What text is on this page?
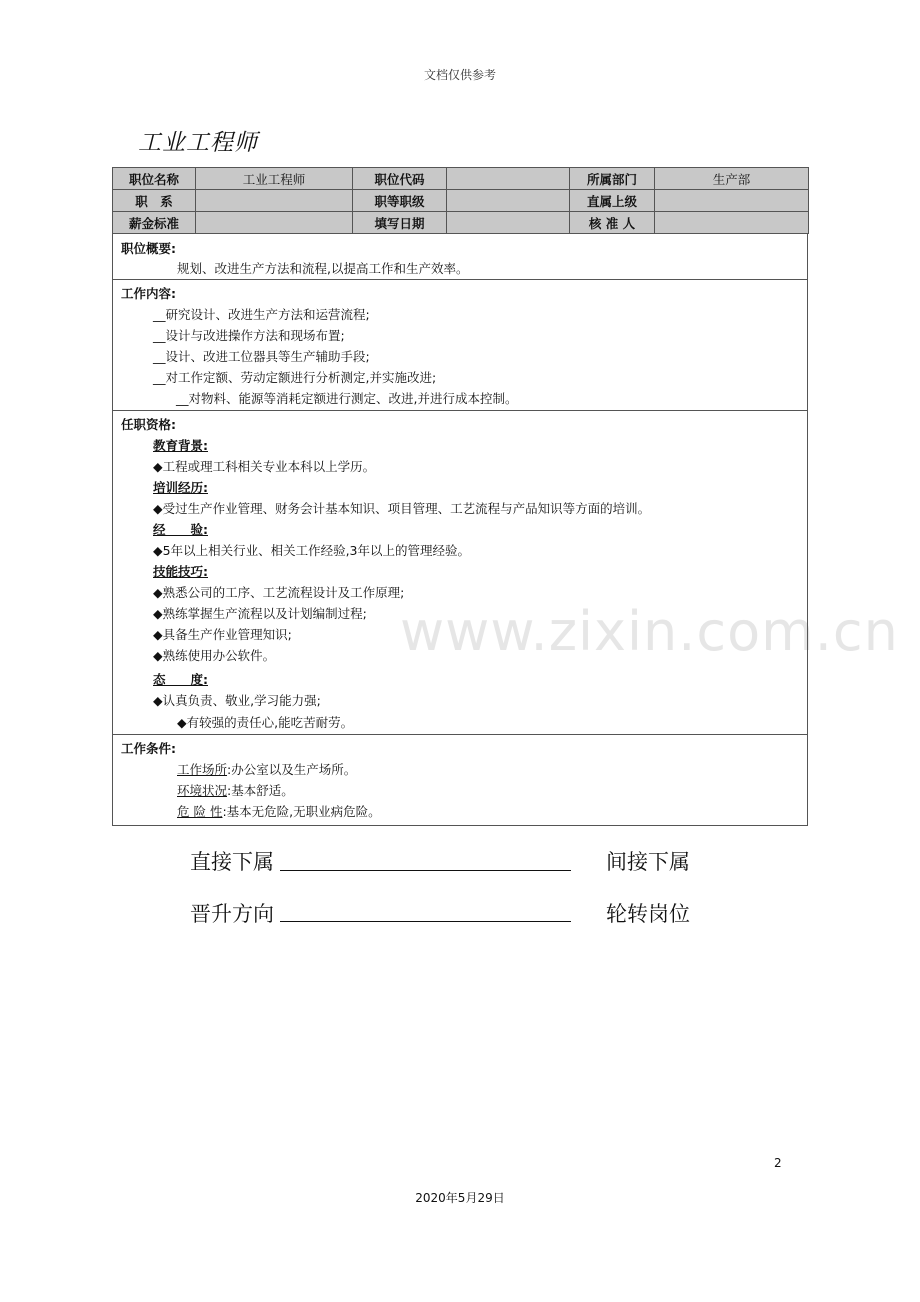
文档仅供参考
工业工程师
www.zixin.com.cn
职位名称	工业工程师	职位代码		所属部门	生产部
职　系		职等职级		直属上级	
薪金标准		填写日期		核 准 人	
职位概要:
规划、改进生产方法和流程,以提高工作和生产效率。
工作内容:
__研究设计、改进生产方法和运营流程;
__设计与改进操作方法和现场布置;
__设计、改进工位器具等生产辅助手段;
__对工作定额、劳动定额进行分析测定,并实施改进;
__对物料、能源等消耗定额进行测定、改进,并进行成本控制。
任职资格:
教育背景:
◆工程或理工科相关专业本科以上学历。
培训经历:
◆受过生产作业管理、财务会计基本知识、项目管理、工艺流程与产品知识等方面的培训。
经　　验:
◆5年以上相关行业、相关工作经验,3年以上的管理经验。
技能技巧:
◆熟悉公司的工序、工艺流程设计及工作原理;
◆熟练掌握生产流程以及计划编制过程;
◆具备生产作业管理知识;
◆熟练使用办公软件。
态　　度:
◆认真负责、敬业,学习能力强;
◆有较强的责任心,能吃苦耐劳。
工作条件:
工作场所:办公室以及生产场所。
环境状况:基本舒适。
危 险 性:基本无危险,无职业病危险。
直接下属	间接下属
晋升方向	轮转岗位
2
2020年5月29日
